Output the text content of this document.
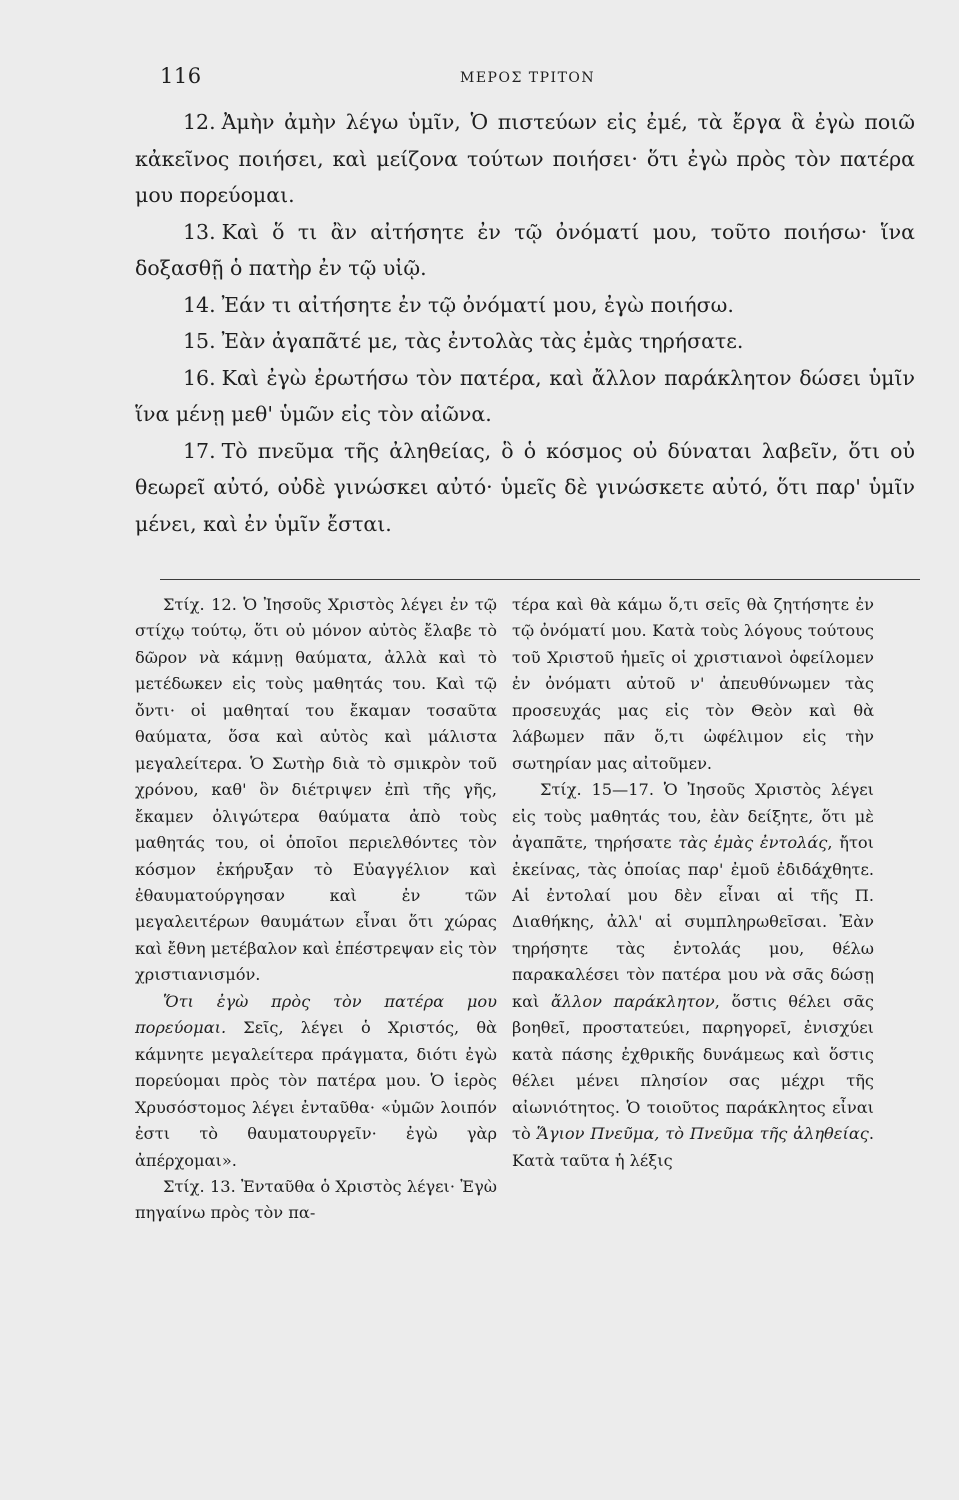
116	ΜΕΡΟΣ ΤΡΙΤΟΝ

12. Ἀμὴν ἀμὴν λέγω ὑμῖν, Ὁ πιστεύων εἰς ἐμέ, τὰ ἔργα ἃ ἐγὼ ποιῶ κἀκεῖνος ποιήσει, καὶ μείζονα τούτων ποιήσει· ὅτι ἐγὼ πρὸς τὸν πατέρα μου πορεύομαι.

13. Καὶ ὅ τι ἂν αἰτήσητε ἐν τῷ ὀνόματί μου, τοῦτο ποιήσω· ἵνα δοξασθῇ ὁ πατὴρ ἐν τῷ υἱῷ.

14. Ἐάν τι αἰτήσητε ἐν τῷ ὀνόματί μου, ἐγὼ ποιήσω.

15. Ἐὰν ἀγαπᾶτέ με, τὰς ἐντολὰς τὰς ἐμὰς τηρήσατε.

16. Καὶ ἐγὼ ἐρωτήσω τὸν πατέρα, καὶ ἄλλον παράκλητον δώσει ὑμῖν ἵνα μένῃ μεθ' ὑμῶν εἰς τὸν αἰῶνα.

17. Τὸ πνεῦμα τῆς ἀληθείας, ὃ ὁ κόσμος οὐ δύναται λαβεῖν, ὅτι οὐ θεωρεῖ αὐτό, οὐδὲ γινώσκει αὐτό· ὑμεῖς δὲ γινώσκετε αὐτό, ὅτι παρ' ὑμῖν μένει, καὶ ἐν ὑμῖν ἔσται.

Στίχ. 12. Ὁ Ἰησοῦς Χριστὸς λέγει ἐν τῷ στίχῳ τούτῳ, ὅτι οὐ μόνον αὐτὸς ἔλαβε τὸ δῶρον νὰ κάμνῃ θαύματα, ἀλλὰ καὶ τὸ μετέδωκεν εἰς τοὺς μαθητάς του. Καὶ τῷ ὄντι· οἱ μαθηταί του ἔκαμαν τοσαῦτα θαύματα, ὅσα καὶ αὐτὸς καὶ μάλιστα μεγαλείτερα. Ὁ Σωτὴρ διὰ τὸ σμικρὸν τοῦ χρόνου, καθ' ὃν διέτριψεν ἐπὶ τῆς γῆς, ἔκαμεν ὀλιγώτερα θαύματα ἀπὸ τοὺς μαθητάς του, οἱ ὁποῖοι περιελθόντες τὸν κόσμον ἐκήρυξαν τὸ Εὐαγγέλιον καὶ ἐθαυματούργησαν καὶ ἐν τῶν μεγαλειτέρων θαυμάτων εἶναι ὅτι χώρας καὶ ἔθνη μετέβαλον καὶ ἐπέστρεψαν εἰς τὸν χριστιανισμόν.

Ὅτι ἐγὼ πρὸς τὸν πατέρα μου πορεύομαι. Σεῖς, λέγει ὁ Χριστός, θὰ κάμνητε μεγαλείτερα πράγματα, διότι ἐγὼ πορεύομαι πρὸς τὸν πατέρα μου. Ὁ ἱερὸς Χρυσόστομος λέγει ἐνταῦθα· «ὑμῶν λοιπόν ἐστι τὸ θαυματουργεῖν· ἐγὼ γὰρ ἀπέρχομαι».

Στίχ. 13. Ἐνταῦθα ὁ Χριστὸς λέγει· Ἐγὼ πηγαίνω πρὸς τὸν πα-

τέρα καὶ θὰ κάμω ὅ,τι σεῖς θὰ ζητήσητε ἐν τῷ ὀνόματί μου. Κατὰ τοὺς λόγους τούτους τοῦ Χριστοῦ ἡμεῖς οἱ χριστιανοὶ ὀφείλομεν ἐν ὀνόματι αὐτοῦ ν' ἀπευθύνωμεν τὰς προσευχάς μας εἰς τὸν Θεὸν καὶ θὰ λάβωμεν πᾶν ὅ,τι ὠφέλιμον εἰς τὴν σωτηρίαν μας αἰτοῦμεν.

Στίχ. 15—17. Ὁ Ἰησοῦς Χριστὸς λέγει εἰς τοὺς μαθητάς του, ἐὰν δείξητε, ὅτι μὲ ἀγαπᾶτε, τηρήσατε τὰς ἐμὰς ἐντολάς, ἤτοι ἐκείνας, τὰς ὁποίας παρ' ἐμοῦ ἐδιδάχθητε. Αἱ ἐντολαί μου δὲν εἶναι αἱ τῆς Π. Διαθήκης, ἀλλ' αἱ συμπληρωθεῖσαι. Ἐὰν τηρήσητε τὰς ἐντολάς μου, θέλω παρακαλέσει τὸν πατέρα μου νὰ σᾶς δώσῃ καὶ ἄλλον παράκλητον, ὅστις θέλει σᾶς βοηθεῖ, προστατεύει, παρηγορεῖ, ἐνισχύει κατὰ πάσης ἐχθρικῆς δυνάμεως καὶ ὅστις θέλει μένει πλησίον σας μέχρι τῆς αἰωνιότητος. Ὁ τοιοῦτος παράκλητος εἶναι τὸ Ἅγιον Πνεῦμα, τὸ Πνεῦμα τῆς ἀληθείας. Κατὰ ταῦτα ἡ λέξις
